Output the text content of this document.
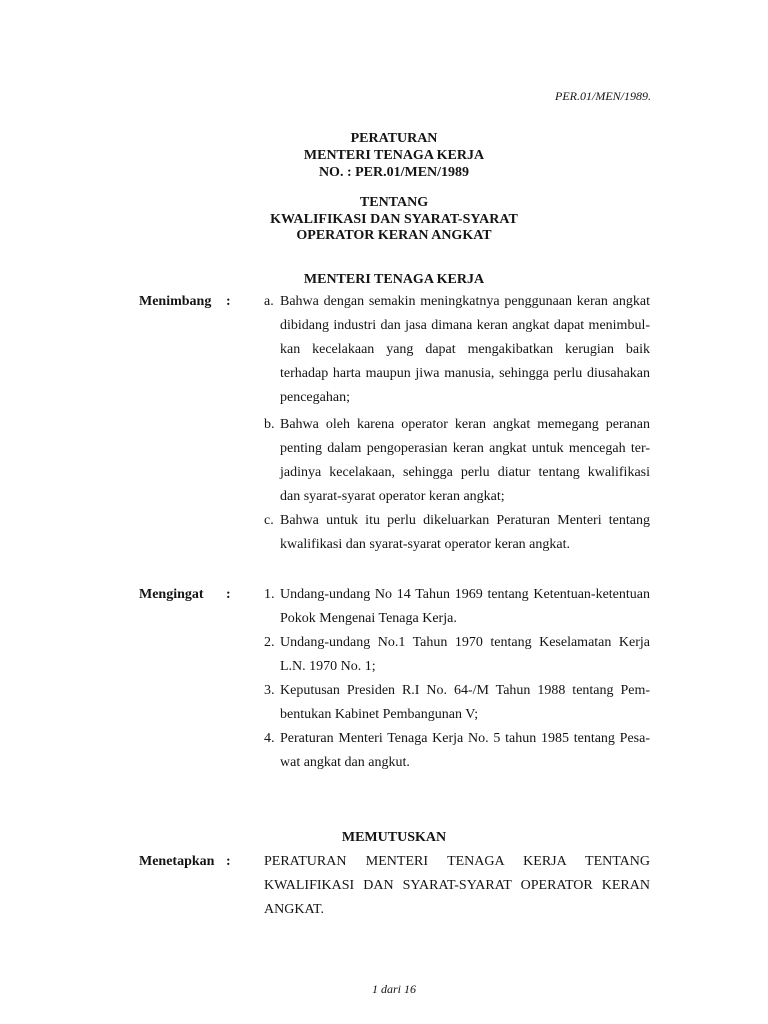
PER.01/MEN/1989.
PERATURAN
MENTERI TENAGA KERJA
NO. : PER.01/MEN/1989
TENTANG
KWALIFIKASI DAN SYARAT-SYARAT
OPERATOR KERAN ANGKAT
MENTERI TENAGA KERJA
Menimbang : a. Bahwa dengan semakin meningkatnya penggunaan keran angkat
dibidang industri dan jasa dimana keran angkat dapat menimbul-
kan kecelakaan yang dapat mengakibatkan kerugian baik
terhadap harta maupun jiwa manusia, sehingga perlu diusahakan
pencegahan;
b. Bahwa oleh karena operator keran angkat memegang peranan
penting dalam pengoperasian keran angkat untuk mencegah ter-
jadinya kecelakaan, sehingga perlu diatur tentang kwalifikasi
dan syarat-syarat operator keran angkat;
c. Bahwa untuk itu perlu dikeluarkan Peraturan Menteri tentang
kwalifikasi dan syarat-syarat operator keran angkat.
Mengingat : 1. Undang-undang No 14 Tahun 1969 tentang Ketentuan-ketentuan
Pokok Mengenai Tenaga Kerja.
2. Undang-undang No.1 Tahun 1970 tentang Keselamatan Kerja
L.N. 1970 No. 1;
3. Keputusan Presiden R.I No. 64-/M Tahun 1988 tentang Pem-
bentukan Kabinet Pembangunan V;
4. Peraturan Menteri Tenaga Kerja No. 5 tahun 1985 tentang Pesa-
wat angkat dan angkut.
MEMUTUSKAN
Menetapkan : PERATURAN MENTERI TENAGA KERJA TENTANG
KWALIFIKASI DAN SYARAT-SYARAT OPERATOR KERAN
ANGKAT.
1 dari 16
